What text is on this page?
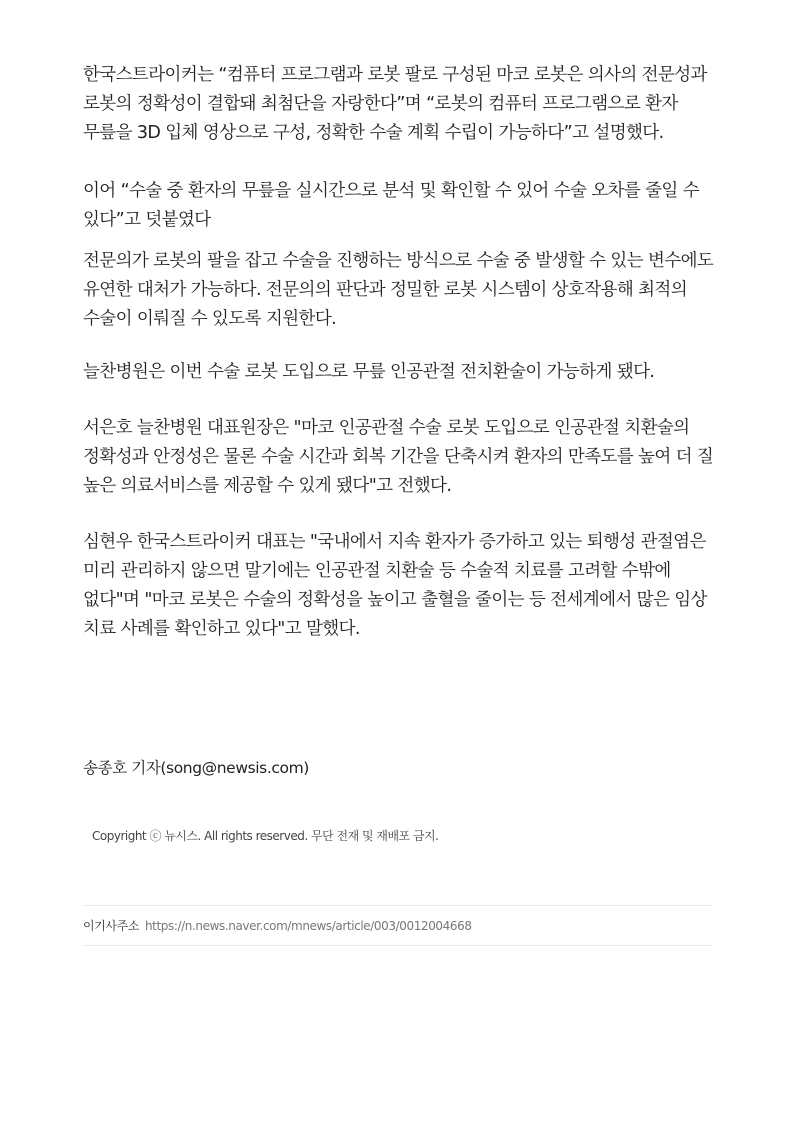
한국스트라이커는 “컴퓨터 프로그램과 로봇 팔로 구성된 마코 로봇은 의사의 전문성과 로봇의 정확성이 결합돼 최첨단을 자랑한다”며 “로봇의 컴퓨터 프로그램으로 환자 무릎을 3D 입체 영상으로 구성, 정확한 수술 계획 수립이 가능하다”고 설명했다.

이어 “수술 중 환자의 무릎을 실시간으로 분석 및 확인할 수 있어 수술 오차를 줄일 수 있다”고 덧붙였다

전문의가 로봇의 팔을 잡고 수술을 진행하는 방식으로 수술 중 발생할 수 있는 변수에도 유연한 대처가 가능하다. 전문의의 판단과 정밀한 로봇 시스템이 상호작용해 최적의 수술이 이뤄질 수 있도록 지원한다.

늘찬병원은 이번 수술 로봇 도입으로 무릎 인공관절 전치환술이 가능하게 됐다.

서은호 늘찬병원 대표원장은 "마코 인공관절 수술 로봇 도입으로 인공관절 치환술의 정확성과 안정성은 물론 수술 시간과 회복 기간을 단축시켜 환자의 만족도를 높여 더 질 높은 의료서비스를 제공할 수 있게 됐다"고 전했다.

심현우 한국스트라이커 대표는 "국내에서 지속 환자가 증가하고 있는 퇴행성 관절염은 미리 관리하지 않으면 말기에는 인공관절 치환술 등 수술적 치료를 고려할 수밖에 없다"며 "마코 로봇은 수술의 정확성을 높이고 출혈을 줄이는 등 전세계에서 많은 임상 치료 사례를 확인하고 있다"고 말했다.

송종호 기자(song@newsis.com)

Copyright ⓒ 뉴시스. All rights reserved. 무단 전재 및 재배포 금지.

이기사주소 https://n.news.naver.com/mnews/article/003/0012004668
